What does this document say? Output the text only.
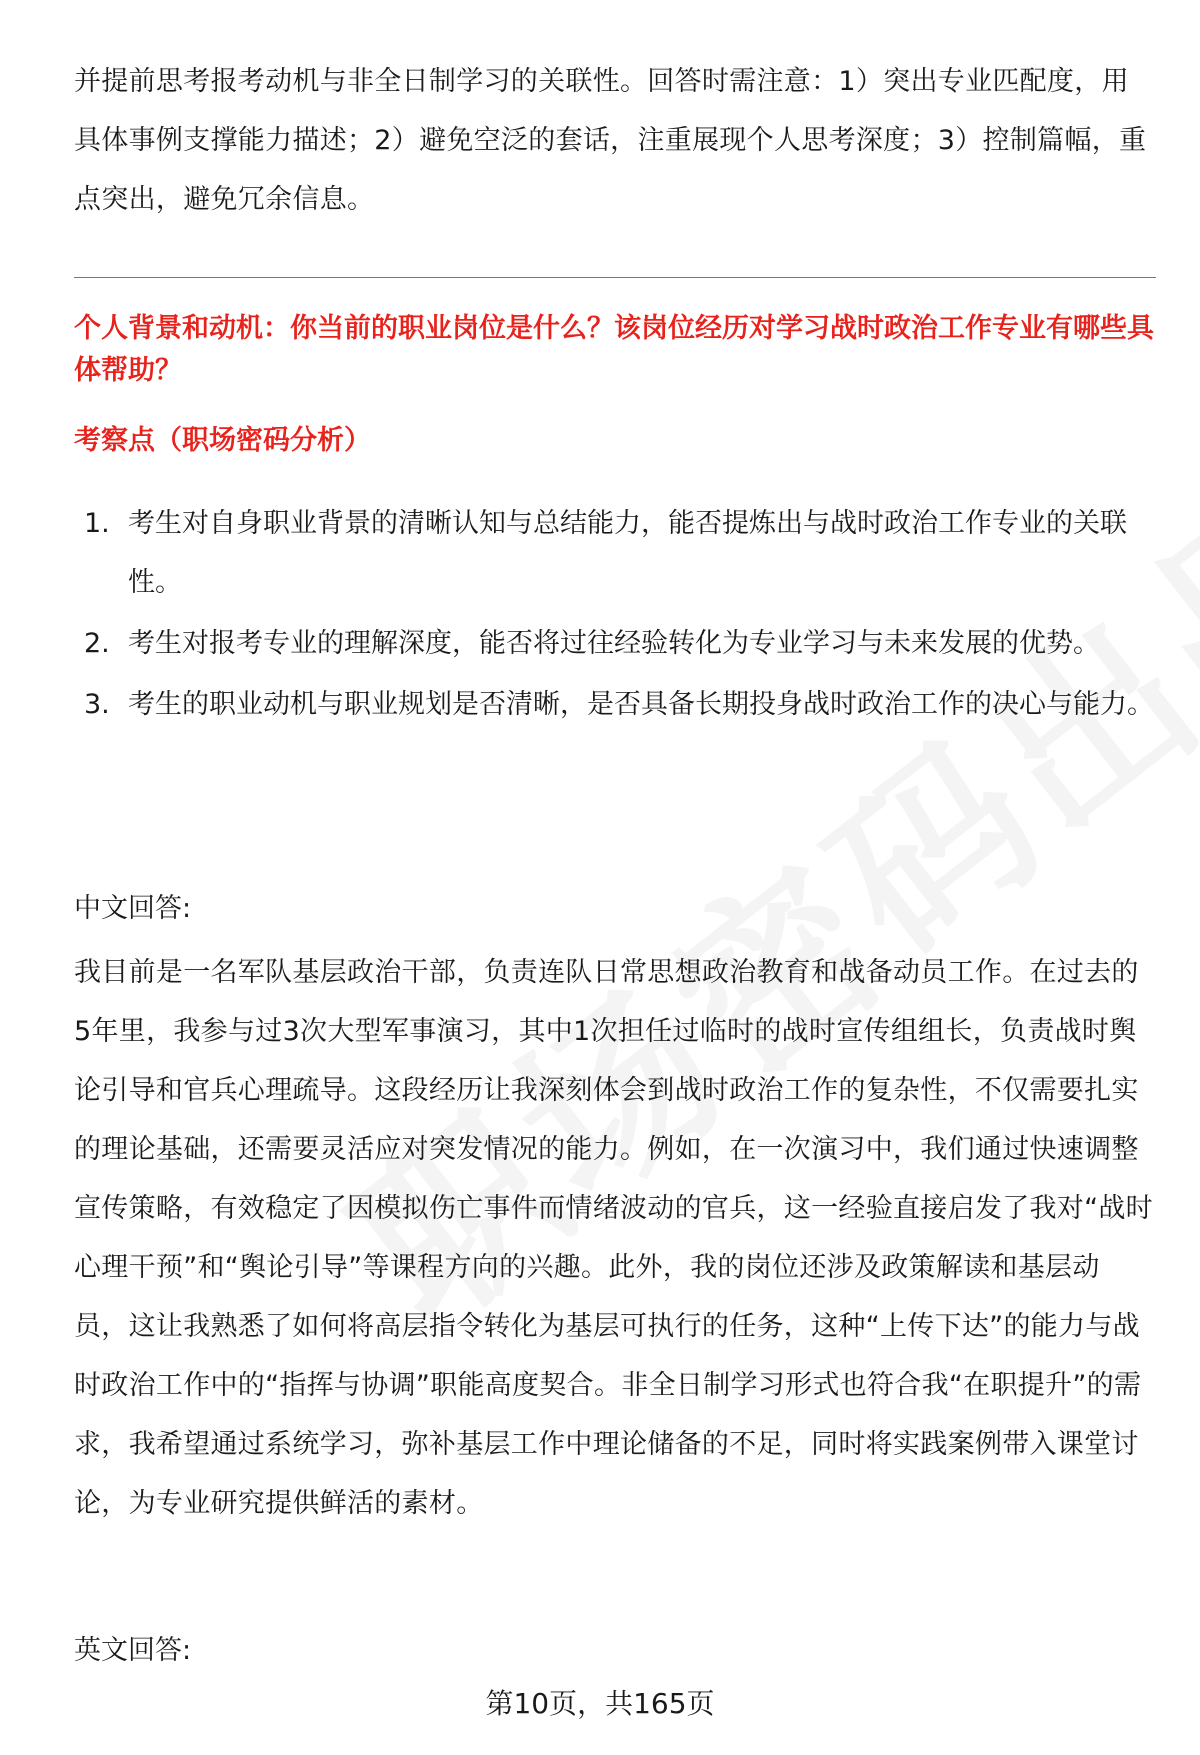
并提前思考报考动机与非全日制学习的关联性。回答时需注意：1）突出专业匹配度，用具体事例支撑能力描述；2）避免空泛的套话，注重展现个人思考深度；3）控制篇幅，重点突出，避免冗余信息。
个人背景和动机：你当前的职业岗位是什么？该岗位经历对学习战时政治工作专业有哪些具体帮助？
考察点（职场密码分析）
1. 考生对自身职业背景的清晰认知与总结能力，能否提炼出与战时政治工作专业的关联性。
2. 考生对报考专业的理解深度，能否将过往经验转化为专业学习与未来发展的优势。
3. 考生的职业动机与职业规划是否清晰，是否具备长期投身战时政治工作的决心与能力。
中文回答:
我目前是一名军队基层政治干部，负责连队日常思想政治教育和战备动员工作。在过去的5年里，我参与过3次大型军事演习，其中1次担任过临时的战时宣传组组长，负责战时舆论引导和官兵心理疏导。这段经历让我深刻体会到战时政治工作的复杂性，不仅需要扎实的理论基础，还需要灵活应对突发情况的能力。例如，在一次演习中，我们通过快速调整宣传策略，有效稳定了因模拟伤亡事件而情绪波动的官兵，这一经验直接启发了我对“战时心理干预”和“舆论引导”等课程方向的兴趣。此外，我的岗位还涉及政策解读和基层动员，这让我熟悉了如何将高层指令转化为基层可执行的任务，这种“上传下达”的能力与战时政治工作中的“指挥与协调”职能高度契合。非全日制学习形式也符合我“在职提升”的需求，我希望通过系统学习，弥补基层工作中理论储备的不足，同时将实践案例带入课堂讨论，为专业研究提供鲜活的素材。
英文回答:
第10页，共165页
